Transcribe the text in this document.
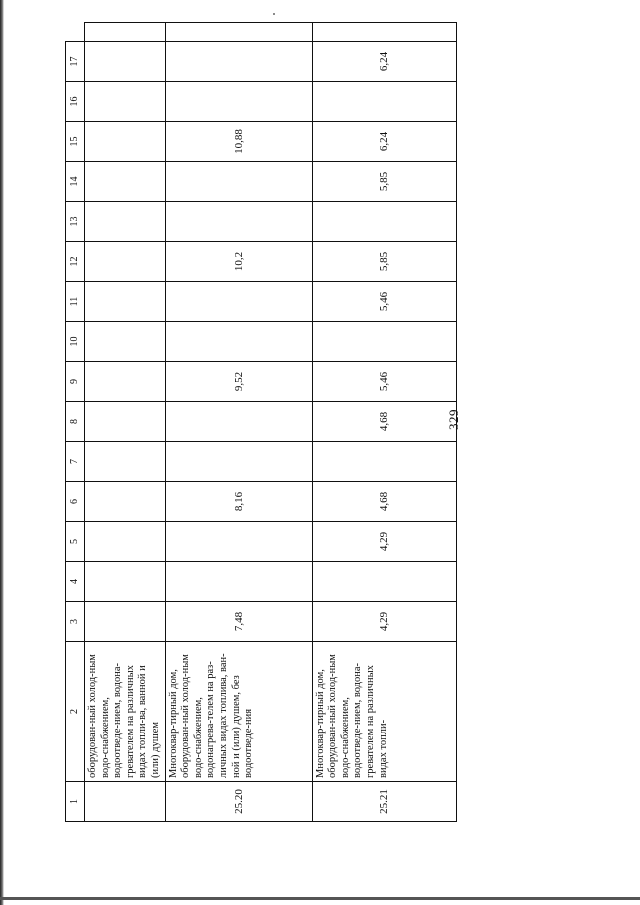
329
1	2	3	4	5	6	7	8	9	10	11	12	13	14	15	16	17	
	оборудован-ный холод-ным водо-снабжением, водоотведе-нием, водона-гревателем на различных видах топли-ва, ванной и (или) душем																
25.20	Многоквар-тирный дом, оборудован-ный холод-ным водо-снабжением, водонагрева-телем на раз-личных видах топлива, ван-ной и (или) душем, без водоотведе-ния	7,48			8,16			9,52			10,2			10,88			
25.21	Многоквар-тирный дом, оборудован-ный холод-ным водо-снабжением, водоотведе-нием, водона-гревателем на различных видах топли-	4,29		4,29	4,68		4,68	5,46		5,46	5,85		5,85	6,24		6,24	
